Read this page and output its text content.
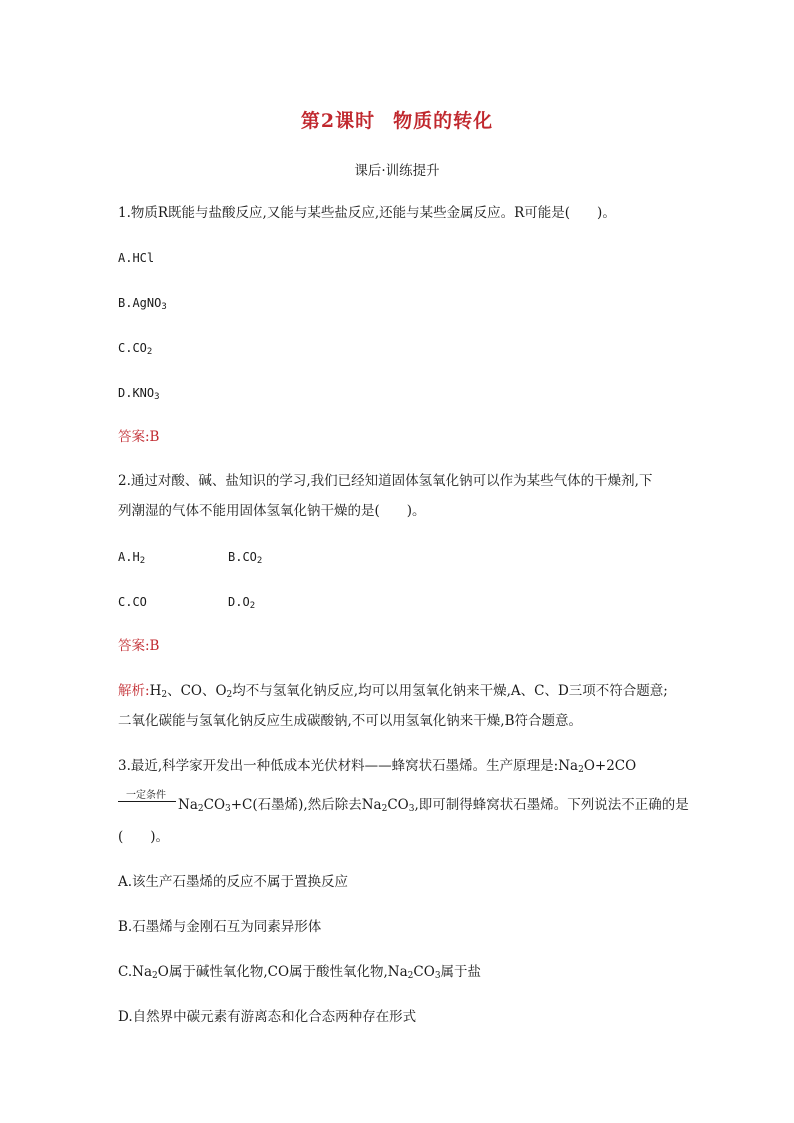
第2课时 物质的转化
课后·训练提升
1.物质R既能与盐酸反应,又能与某些盐反应,还能与某些金属反应。R可能是(　　)。
A.HCl
B.AgNO$_3$
$C.CO_2$
$D.KNO_3$
答案:B
2.通过对酸、碱、盐知识的学习,我们已经知道固体氢氧化钠可以作为某些气体的干燥剂,下
列潮湿的气体不能用固体氢氧化钠干燥的是(　　)。
$A.H_2$	$B.CO_2$
C.CO	$D.O_2$
答案:B
解析$:H_2$、CO、$O_2$均不与氢氧化钠反应,均可以用氢氧化钠来干燥,A、C、D三项不符合题意;
二氧化碳能与氢氧化钠反应生成碳酸钠,不可以用氢氧化钠来干燥,B符合题意。
3.最近,科学家开发出一种低成本光伏材料——蜂窝状石墨烯。生产原理是$:Na_2O+2CO$
一定条件
$Na_2CO_3+C$(石墨烯),然后除去$Na_2CO_3$,即可制得蜂窝状石墨烯。下列说法不正确的是
(　　)。
A.该生产石墨烯的反应不属于置换反应
B.石墨烯与金刚石互为同素异形体
$C.Na_2O$属于碱性氧化物,CO属于酸性氧化物$,Na_2CO_3$属于盐
D.自然界中碳元素有游离态和化合态两种存在形式
